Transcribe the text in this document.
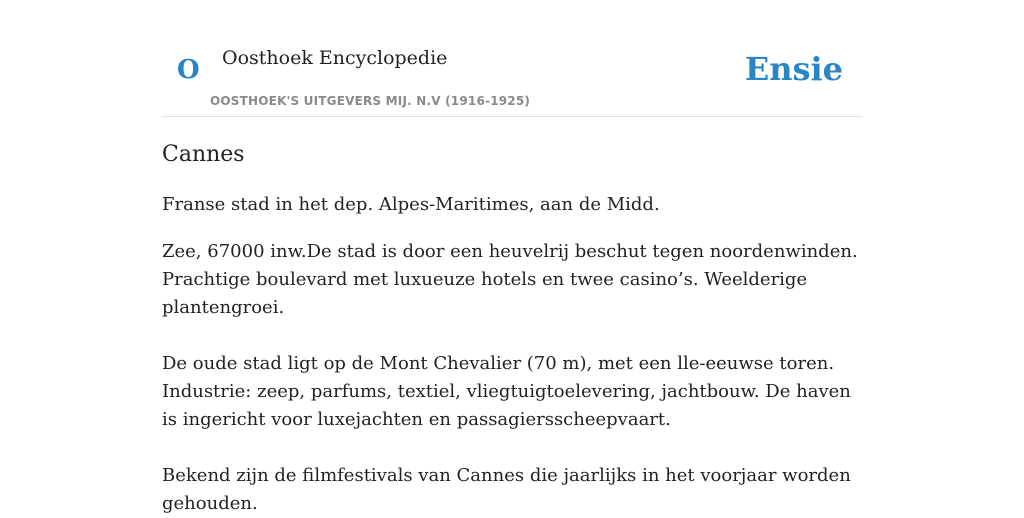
O Oosthoek Encyclopedie
OOSTHOEK'S UITGEVERS MIJ. N.V (1916-1925)
Ensie
Cannes

Franse stad in het dep. Alpes-Maritimes, aan de Midd.

Zee, 67000 inw.De stad is door een heuvelrij beschut tegen noordenwinden. Prachtige boulevard met luxueuze hotels en twee casino’s. Weelderige plantengroei.

De oude stad ligt op de Mont Chevalier (70 m), met een lle-eeuwse toren. Industrie: zeep, parfums, textiel, vliegtuigtoelevering, jachtbouw. De haven is ingericht voor luxejachten en passagiersscheepvaart.

Bekend zijn de filmfestivals van Cannes die jaarlijks in het voorjaar worden gehouden.
